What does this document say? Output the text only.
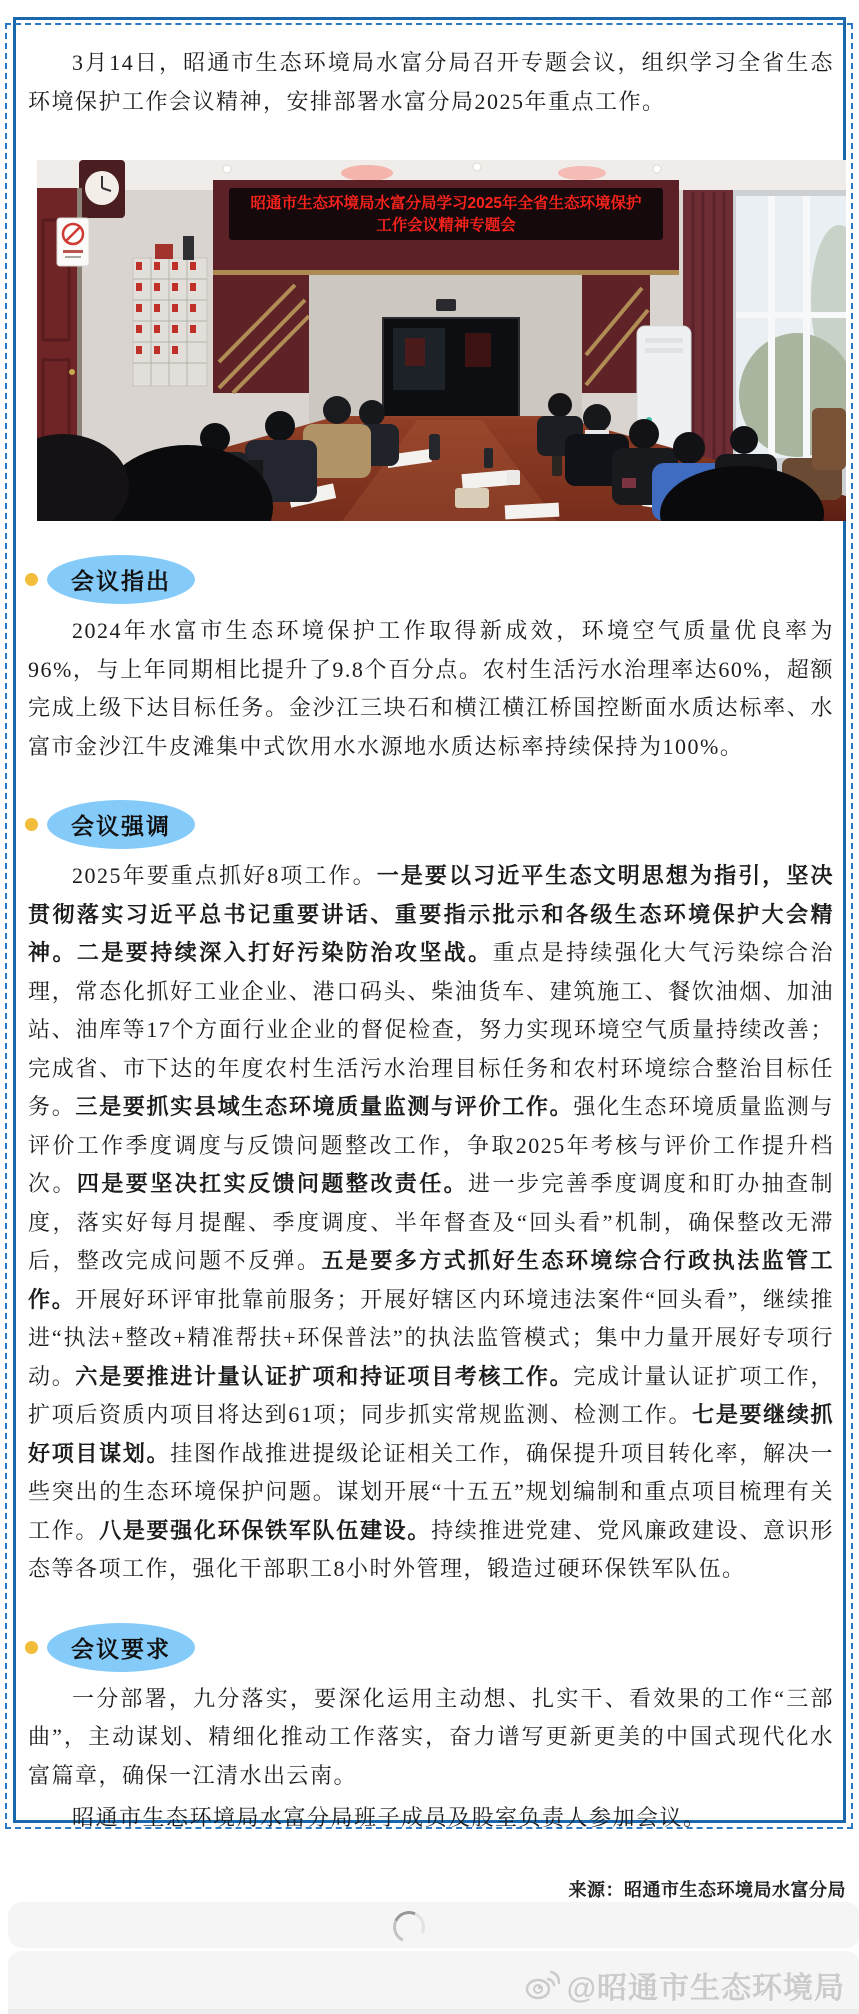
3月14日，昭通市生态环境局水富分局召开专题会议，组织学习全省生态环境保护工作会议精神，安排部署水富分局2025年重点工作。

昭通市生态环境局水富分局学习2025年全省生态环境保护
工作会议精神专题会
会议指出

2024年水富市生态环境保护工作取得新成效，环境空气质量优良率为96%，与上年同期相比提升了9.8个百分点。农村生活污水治理率达60%，超额完成上级下达目标任务。金沙江三块石和横江横江桥国控断面水质达标率、水富市金沙江牛皮滩集中式饮用水水源地水质达标率持续保持为100%。

会议强调

2025年要重点抓好8项工作。一是要以习近平生态文明思想为指引，坚决贯彻落实习近平总书记重要讲话、重要指示批示和各级生态环境保护大会精神。二是要持续深入打好污染防治攻坚战。重点是持续强化大气污染综合治理，常态化抓好工业企业、港口码头、柴油货车、建筑施工、餐饮油烟、加油站、油库等17个方面行业企业的督促检查，努力实现环境空气质量持续改善；完成省、市下达的年度农村生活污水治理目标任务和农村环境综合整治目标任务。三是要抓实县域生态环境质量监测与评价工作。强化生态环境质量监测与评价工作季度调度与反馈问题整改工作，争取2025年考核与评价工作提升档次。四是要坚决扛实反馈问题整改责任。进一步完善季度调度和盯办抽查制度，落实好每月提醒、季度调度、半年督查及“回头看”机制，确保整改无滞后，整改完成问题不反弹。五是要多方式抓好生态环境综合行政执法监管工作。开展好环评审批靠前服务；开展好辖区内环境违法案件“回头看”，继续推进“执法+整改+精准帮扶+环保普法”的执法监管模式；集中力量开展好专项行动。六是要推进计量认证扩项和持证项目考核工作。完成计量认证扩项工作，扩项后资质内项目将达到61项；同步抓实常规监测、检测工作。七是要继续抓好项目谋划。挂图作战推进提级论证相关工作，确保提升项目转化率，解决一些突出的生态环境保护问题。谋划开展“十五五”规划编制和重点项目梳理有关工作。八是要强化环保铁军队伍建设。持续推进党建、党风廉政建设、意识形态等各项工作，强化干部职工8小时外管理，锻造过硬环保铁军队伍。

会议要求

一分部署，九分落实，要深化运用主动想、扎实干、看效果的工作“三部曲”，主动谋划、精细化推动工作落实，奋力谱写更新更美的中国式现代化水富篇章，确保一江清水出云南。

昭通市生态环境局水富分局班子成员及股室负责人参加会议。

来源：昭通市生态环境局水富分局
@昭通市生态环境局
